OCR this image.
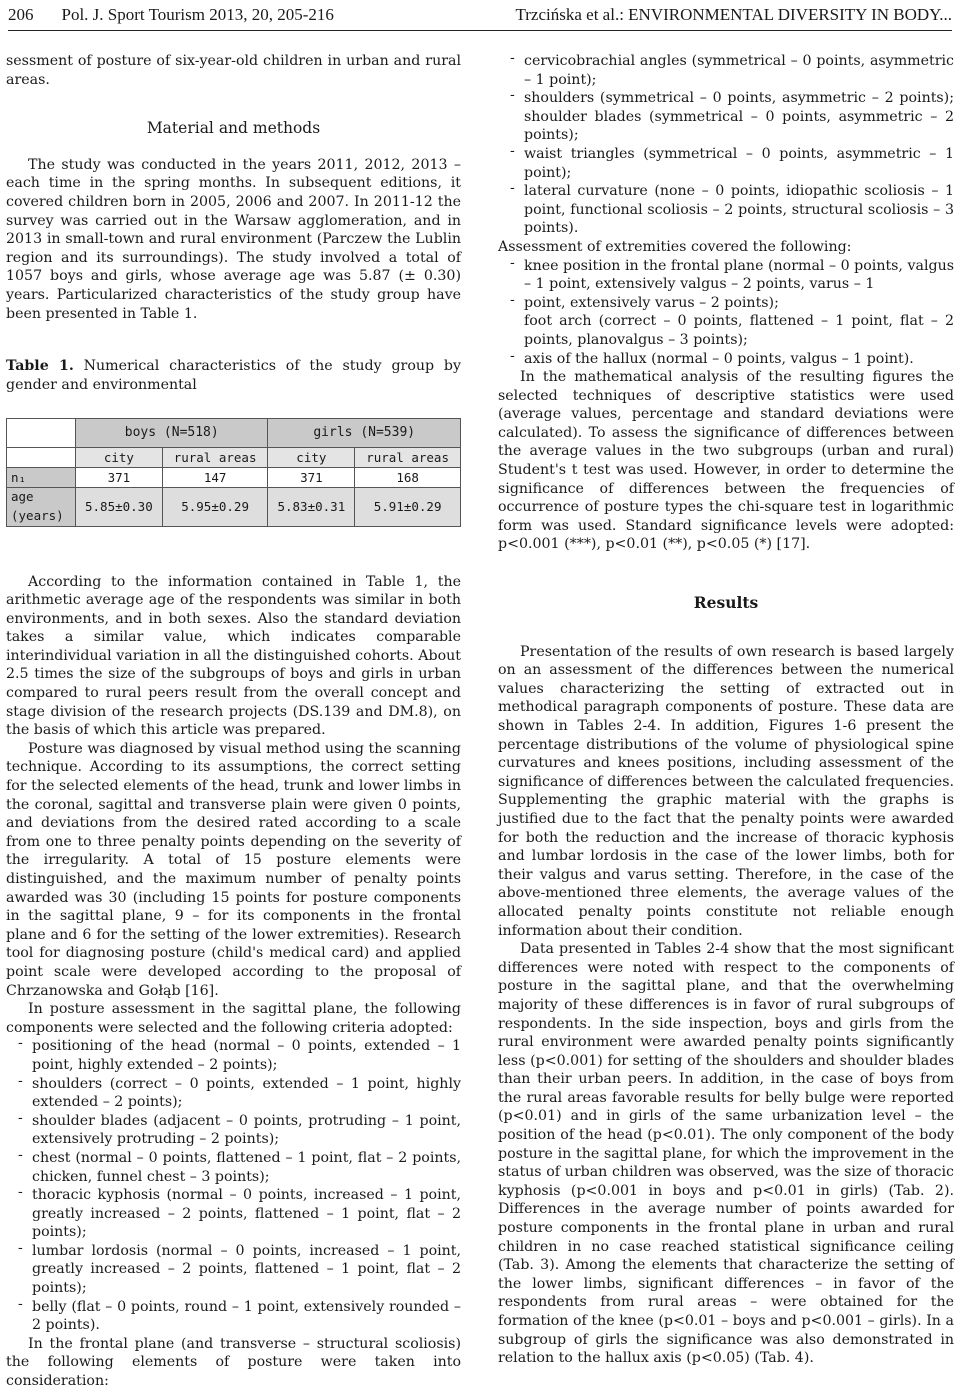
206 Pol. J. Sport Tourism 2013, 20, 205-216	Trzcińska et al.: ENVIRONMENTAL DIVERSITY IN BODY...

sessment of posture of six-year-old children in urban and rural areas.

Material and methods

The study was conducted in the years 2011, 2012, 2013 – each time in the spring months. In subsequent editions, it covered children born in 2005, 2006 and 2007. In 2011-12 the survey was carried out in the Warsaw agglomeration, and in 2013 in small-town and rural environment (Parczew the Lublin region and its surroundings). The study involved a total of 1057 boys and girls, whose average age was 5.87 (± 0.30) years. Particularized characteristics of the study group have been presented in Table 1.

Table 1. Numerical characteristics of the study group by gender and environmental

	boys (N=518)		girls (N=539)	
	city	rural areas	city	rural areas
n₁	371	147	371	168
age (years)	5.85±0.30	5.95±0.29	5.83±0.31	5.91±0.29

According to the information contained in Table 1, the arithmetic average age of the respondents was similar in both environments, and in both sexes. Also the standard deviation takes a similar value, which indicates comparable interindividual variation in all the distinguished cohorts. About 2.5 times the size of the subgroups of boys and girls in urban compared to rural peers result from the overall concept and stage division of the research projects (DS.139 and DM.8), on the basis of which this article was prepared.

Posture was diagnosed by visual method using the scanning technique. According to its assumptions, the correct setting for the selected elements of the head, trunk and lower limbs in the coronal, sagittal and transverse plain were given 0 points, and deviations from the desired rated according to a scale from one to three penalty points depending on the severity of the irregularity. A total of 15 posture elements were distinguished, and the maximum number of penalty points awarded was 30 (including 15 points for posture components in the sagittal plane, 9 – for its components in the frontal plane and 6 for the setting of the lower extremities). Research tool for diagnosing posture (child's medical card) and applied point scale were developed according to the proposal of Chrzanowska and Gołąb [16].

In posture assessment in the sagittal plane, the following components were selected and the following criteria adopted:

- positioning of the head (normal – 0 points, extended – 1 point, highly extended – 2 points);
- shoulders (correct – 0 points, extended – 1 point, highly extended – 2 points);
- shoulder blades (adjacent – 0 points, protruding – 1 point, extensively protruding – 2 points);
- chest (normal – 0 points, flattened – 1 point, flat – 2 points, chicken, funnel chest – 3 points);
- thoracic kyphosis (normal – 0 points, increased – 1 point, greatly increased – 2 points, flattened – 1 point, flat – 2 points);
- lumbar lordosis (normal – 0 points, increased – 1 point, greatly increased – 2 points, flattened – 1 point, flat – 2 points);
- belly (flat – 0 points, round – 1 point, extensively rounded – 2 points).

In the frontal plane (and transverse – structural scoliosis) the following elements of posture were taken into consideration:

- cervicobrachial angles (symmetrical – 0 points, asymmetric – 1 point);
- shoulders (symmetrical – 0 points, asymmetric – 2 points); shoulder blades (symmetrical – 0 points, asymmetric – 2 points);
- waist triangles (symmetrical – 0 points, asymmetric – 1 point);
- lateral curvature (none – 0 points, idiopathic scoliosis – 1 point, functional scoliosis – 2 points, structural scoliosis – 3 points).

Assessment of extremities covered the following:

- knee position in the frontal plane (normal – 0 points, valgus – 1 point, extensively valgus – 2 points, varus – 1
- point, extensively varus – 2 points);

foot arch (correct – 0 points, flattened – 1 point, flat – 2 points, planovalgus – 3 points);

- axis of the hallux (normal – 0 points, valgus – 1 point).

In the mathematical analysis of the resulting figures the selected techniques of descriptive statistics were used (average values, percentage and standard deviations were calculated). To assess the significance of differences between the average values in the two subgroups (urban and rural) Student's t test was used. However, in order to determine the significance of differences between the frequencies of occurrence of posture types the chi-square test in logarithmic form was used. Standard significance levels were adopted: p<0.001 (***), p<0.01 (**), p<0.05 (*) [17].

Results

Presentation of the results of own research is based largely on an assessment of the differences between the numerical values characterizing the setting of extracted out in methodical paragraph components of posture. These data are shown in Tables 2-4. In addition, Figures 1-6 present the percentage distributions of the volume of physiological spine curvatures and knees positions, including assessment of the significance of differences between the calculated frequencies. Supplementing the graphic material with the graphs is justified due to the fact that the penalty points were awarded for both the reduction and the increase of thoracic kyphosis and lumbar lordosis in the case of the lower limbs, both for their valgus and varus setting. Therefore, in the case of the above-mentioned three elements, the average values of the allocated penalty points constitute not reliable enough information about their condition.

Data presented in Tables 2-4 show that the most significant differences were noted with respect to the components of posture in the sagittal plane, and that the overwhelming majority of these differences is in favor of rural subgroups of respondents. In the side inspection, boys and girls from the rural environment were awarded penalty points significantly less (p<0.001) for setting of the shoulders and shoulder blades than their urban peers. In addition, in the case of boys from the rural areas favorable results for belly bulge were reported (p<0.01) and in girls of the same urbanization level – the position of the head (p<0.01). The only component of the body posture in the sagittal plane, for which the improvement in the status of urban children was observed, was the size of thoracic kyphosis (p<0.001 in boys and p<0.01 in girls) (Tab. 2). Differences in the average number of points awarded for posture components in the frontal plane in urban and rural children in no case reached statistical significance ceiling (Tab. 3). Among the elements that characterize the setting of the lower limbs, significant differences – in favor of the respondents from rural areas – were obtained for the formation of the knee (p<0.01 – boys and p<0.001 – girls). In a subgroup of girls the significance was also demonstrated in relation to the hallux axis (p<0.05) (Tab. 4).
